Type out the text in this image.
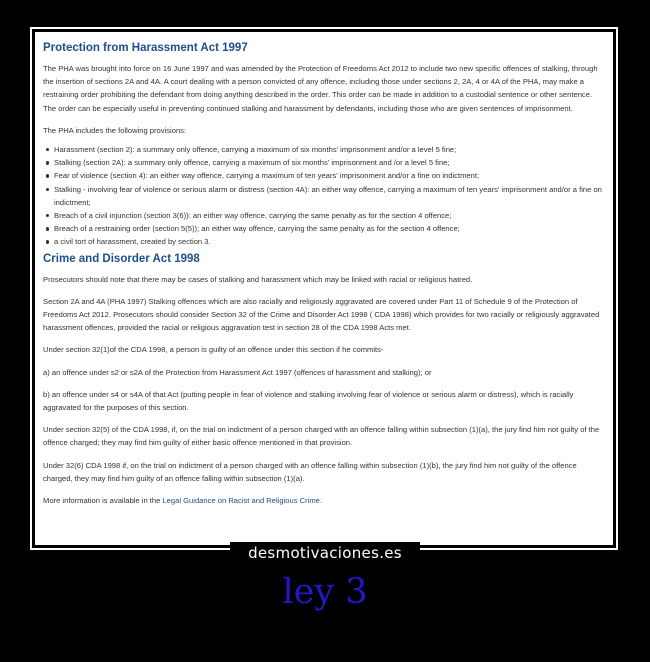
Protection from Harassment Act 1997

The PHA was brought into force on 16 June 1997 and was amended by the Protection of Freedoms Act 2012 to include two new specific offences of stalking, through the insertion of sections 2A and 4A. A court dealing with a person convicted of any offence, including those under sections 2, 2A, 4 or 4A of the PHA, may make a restraining order prohibiting the defendant from doing anything described in the order. This order can be made in addition to a custodial sentence or other sentence. The order can be especially useful in preventing continued stalking and harassment by defendants, including those who are given sentences of imprisonment.

The PHA includes the following provisions:

Harassment (section 2): a summary only offence, carrying a maximum of six months' imprisonment and/or a level 5 fine;
Stalking (section 2A): a summary only offence, carrying a maximum of six months' imprisonment and /or a level 5 fine;
Fear of violence (section 4): an either way offence, carrying a maximum of ten years' imprisonment and/or a fine on indictment;
Stalking - involving fear of violence or serious alarm or distress (section 4A): an either way offence, carrying a maximum of ten years' imprisonment and/or a fine on indictment;
Breach of a civil injunction (section 3(6)): an either way offence, carrying the same penalty as for the section 4 offence;
Breach of a restraining order (section 5(5)); an either way offence, carrying the same penalty as for the section 4 offence;
a civil tort of harassment, created by section 3.
Crime and Disorder Act 1998

Prosecutors should note that there may be cases of stalking and harassment which may be linked with racial or religious hatred.

Section 2A and 4A (PHA 1997) Stalking offences which are also racially and religiously aggravated are covered under Part 11 of Schedule 9 of the Protection of Freedoms Act 2012. Prosecutors should consider Section 32 of the Crime and Disorder Act 1998 ( CDA 1998) which provides for two racially or religiously aggravated harassment offences, provided the racial or religious aggravation test in section 28 of the CDA 1998 Acts met.

Under section 32(1)of the CDA 1998, a person is guilty of an offence under this section if he commits-

a) an offence under s2 or s2A of the Protection from Harassment Act 1997 (offences of harassment and stalking); or

b) an offence under s4 or s4A of that Act (putting people in fear of violence and stalking involving fear of violence or serious alarm or distress), which is racially aggravated for the purposes of this section.

Under section 32(5) of the CDA 1998, if, on the trial on indictment of a person charged with an offence falling within subsection (1)(a), the jury find him not guilty of the offence charged; they may find him guilty of either basic offence mentioned in that provision.

Under 32(6) CDA 1998 if, on the trial on indictment of a person charged with an offence falling within subsection (1)(b), the jury find him not guilty of the offence charged, they may find him guilty of an offence falling within subsection (1)(a).

More information is available in the Legal Guidance on Racist and Religious Crime.

desmotivaciones.es
ley 3
